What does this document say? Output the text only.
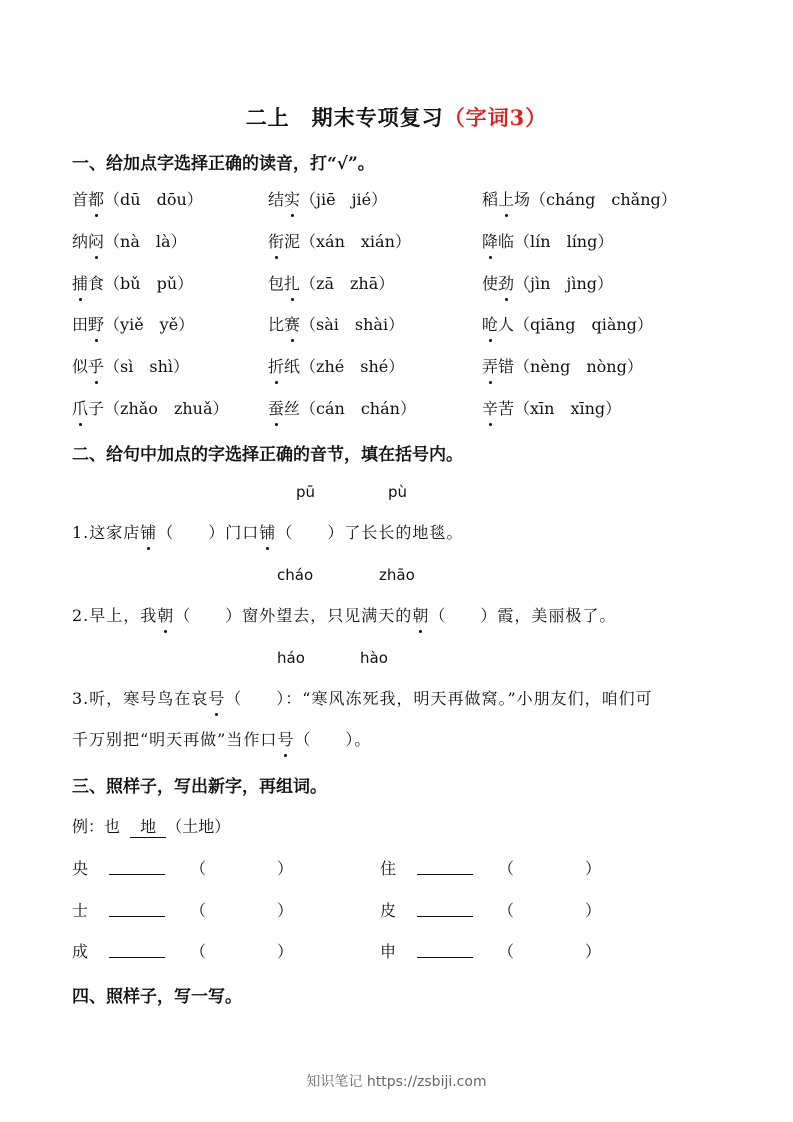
二上　期末专项复习（字词3）
一、给加点字选择正确的读音，打“√”。
首都（dū　dōu）	结实（jiē　jié）	稻上场（cháng　chǎng）
纳闷（nà　là）	衔泥（xán　xián）	降临（lín　líng）
捕食（bǔ　pǔ）	包扎（zā　zhā）	使劲（jìn　jìng）
田野（yiě　yě）	比赛（sài　shài）	呛人（qiāng　qiàng）
似乎（sì　shì）	折纸（zhé　shé）	弄错（nèng　nòng）
爪子（zhǎo　zhuǎ） 蚕丝（cán　chán）	辛苦（xīn　xīng）
二、给句中加点的字选择正确的音节，填在括号内。
pū	pù
1.这家店铺（　　）门口铺（　　）了长长的地毯。
cháo	zhāo
2.早上，我朝（　　）窗外望去，只见满天的朝（　　）霞，美丽极了。
háo	hào
3.听，寒号鸟在哀号（　　）：“寒风冻死我，明天再做窝。”小朋友们，咱们可
千万别把“明天再做”当作口号（　　）。
三、照样子，写出新字，再组词。
例：也 地 （土地）
央	（	）	住	（	）
士	（	）	皮	（	）
成	（	）	申	（	）
四、照样子，写一写。
知识笔记 https://zsbiji.com
